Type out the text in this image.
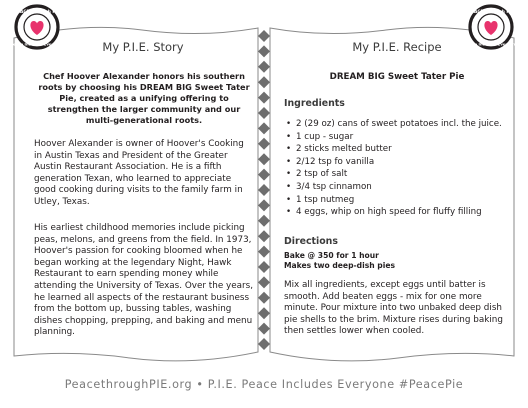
PEACE through PIE
Peace Includes Everyone
PEACE through PIE
Peace Includes Everyone
My P.I.E. Story
Chef Hoover Alexander honors his southern roots by choosing his DREAM BIG Sweet Tater Pie, created as a unifying offering to strengthen the larger community and our multi-generational roots.
Hoover Alexander is owner of Hoover's Cooking in Austin Texas and President of the Greater Austin Restaurant Association. He is a fifth generation Texan, who learned to appreciate good cooking during visits to the family farm in Utley, Texas.
His earliest childhood memories include picking peas, melons, and greens from the field. In 1973, Hoover's passion for cooking bloomed when he began working at the legendary Night, Hawk Restaurant to earn spending money while attending the University of Texas. Over the years, he learned all aspects of the restaurant business from the bottom up, bussing tables, washing dishes chopping, prepping, and baking and menu planning.
My P.I.E. Recipe
DREAM BIG Sweet Tater Pie
Ingredients
• 2 (29 oz) cans of sweet potatoes incl. the juice.
• 1 cup - sugar
• 2 sticks melted butter
• 2/12 tsp fo vanilla
• 2 tsp of salt
• 3/4 tsp cinnamon
• 1 tsp nutmeg
• 4 eggs, whip on high speed for fluffy filling
Directions
Bake @ 350 for 1 hour
Makes two deep-dish pies
Mix all ingredients, except eggs until batter is smooth. Add beaten eggs - mix for one more minute. Pour mixture into two unbaked deep dish pie shells to the brim. Mixture rises during baking then settles lower when cooled.
PeacethroughPIE.org • P.I.E. Peace Includes Everyone #PeacePie
